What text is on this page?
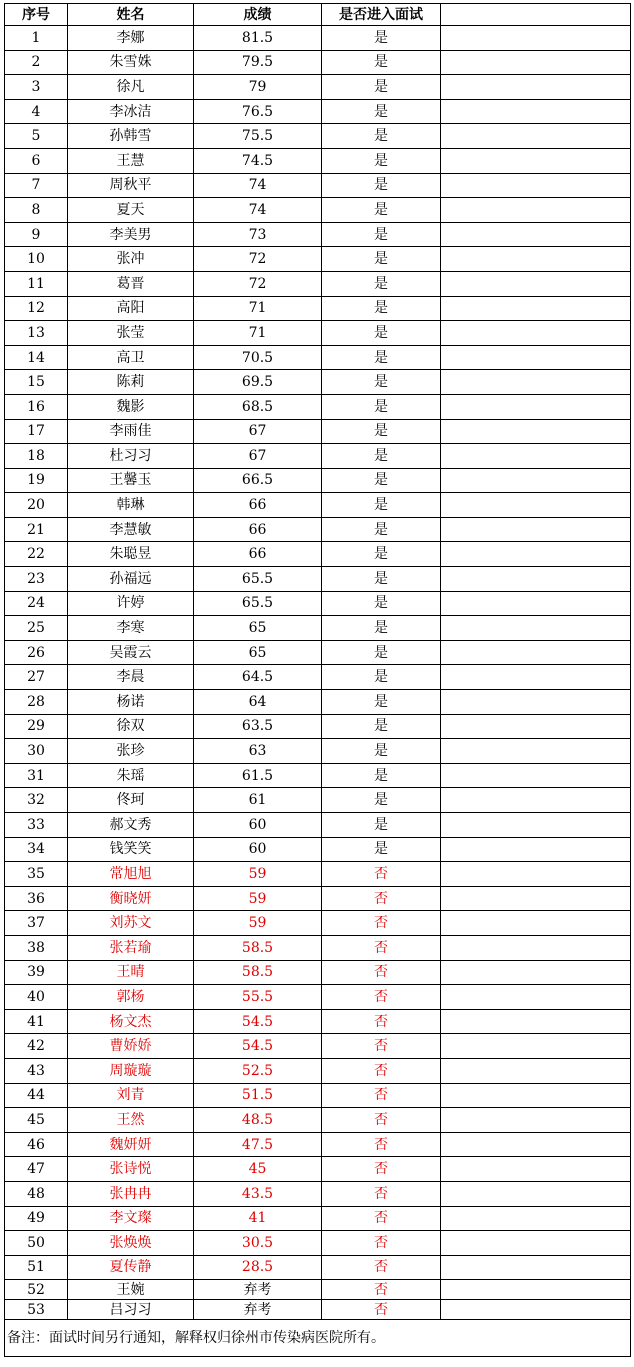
序号	姓名	成绩	是否进入面试	
1	李娜	81.5	是	
2	朱雪姝	79.5	是	
3	徐凡	79	是	
4	李冰洁	76.5	是	
5	孙韩雪	75.5	是	
6	王慧	74.5	是	
7	周秋平	74	是	
8	夏天	74	是	
9	李美男	73	是	
10	张冲	72	是	
11	葛晋	72	是	
12	高阳	71	是	
13	张莹	71	是	
14	高卫	70.5	是	
15	陈莉	69.5	是	
16	魏影	68.5	是	
17	李雨佳	67	是	
18	杜习习	67	是	
19	王馨玉	66.5	是	
20	韩琳	66	是	
21	李慧敏	66	是	
22	朱聪昱	66	是	
23	孙福远	65.5	是	
24	许婷	65.5	是	
25	李寒	65	是	
26	吴霞云	65	是	
27	李晨	64.5	是	
28	杨诺	64	是	
29	徐双	63.5	是	
30	张珍	63	是	
31	朱瑶	61.5	是	
32	佟珂	61	是	
33	郝文秀	60	是	
34	钱笑笑	60	是	
35	常旭旭	59	否	
36	衡晓妍	59	否	
37	刘苏文	59	否	
38	张若瑜	58.5	否	
39	王晴	58.5	否	
40	郭杨	55.5	否	
41	杨文杰	54.5	否	
42	曹娇娇	54.5	否	
43	周璇璇	52.5	否	
44	刘青	51.5	否	
45	王然	48.5	否	
46	魏妍妍	47.5	否	
47	张诗悦	45	否	
48	张冉冉	43.5	否	
49	李文璨	41	否	
50	张焕焕	30.5	否	
51	夏传静	28.5	否	
52	王婉	弃考	否	
53	吕习习	弃考	否	
备注：面试时间另行通知，解释权归徐州市传染病医院所有。				
